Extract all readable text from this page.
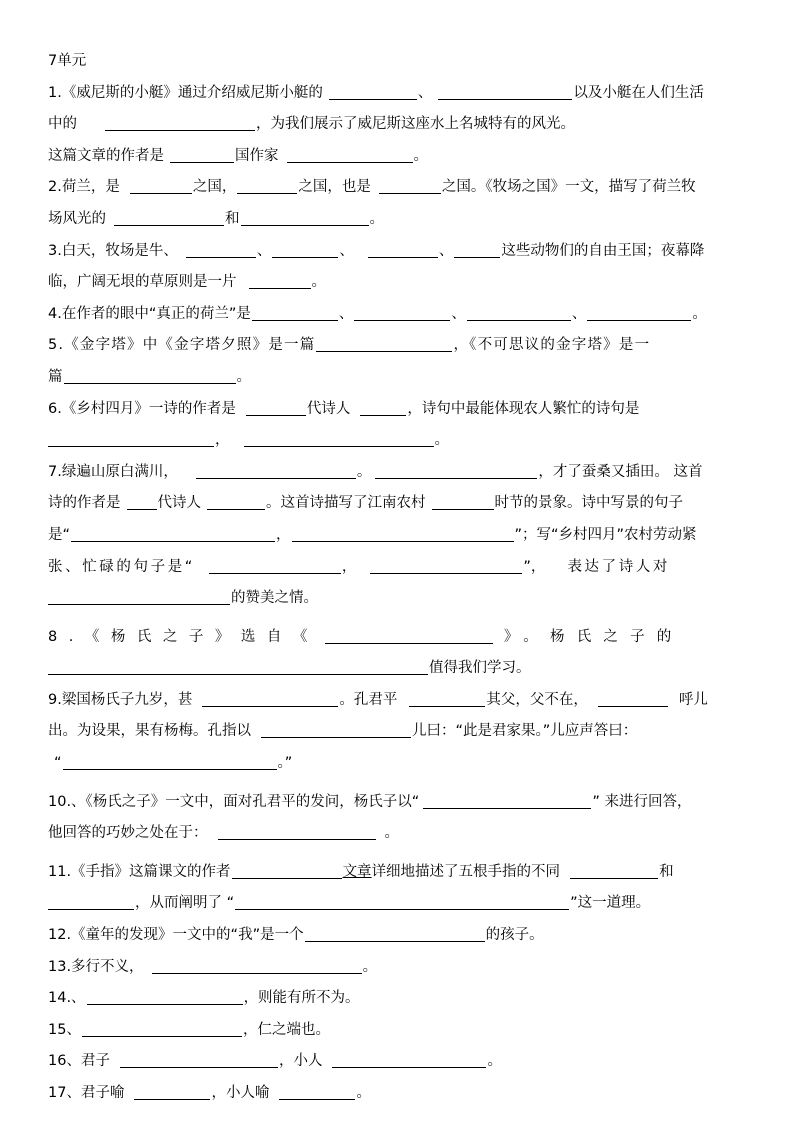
7单元
1.《威尼斯的小艇》通过介绍威尼斯小艇的	、	以及小艇在人们生活
中的	，为我们展示了威尼斯这座水上名城特有的风光。
这篇文章的作者是	国作家	。
2.荷兰，是	之国，	之国，也是	之国。《牧场之国》一文，描写了荷兰牧
场风光的	和	。
3.白天，牧场是牛、	、	、	、	这些动物们的自由王国；夜幕降
临，广阔无垠的草原则是一片	。
4.在作者的眼中“真正的荷兰”是	、	、	、	。
5.《金字塔》中《金字塔夕照》是一篇	，《不可思议的金字塔》是一
篇	。
6.《乡村四月》一诗的作者是	代诗人	，诗句中最能体现农人繁忙的诗句是
，	。
7.绿遍山原白满川，	。	，才了蚕桑又插田。 这首
诗的作者是	代诗人	。这首诗描写了江南农村	时节的景象。诗中写景的句子
是“	，	”；写“乡村四月”农村劳动紧
张、忙碌的句子是“	，	”， 表达了诗人对
的赞美之情。
8.《杨氏之子》选自《	》。杨氏之子的
值得我们学习。
9.梁国杨氏子九岁，甚	。孔君平	其父，父不在，	呼儿
出。为设果，果有杨梅。孔指以	儿曰：“此是君家果。”儿应声答曰：
“	。”
10.、《杨氏之子》一文中，面对孔君平的发问，杨氏子以“	” 来进行回答，
他回答的巧妙之处在于：	。
11.《手指》这篇课文的作者	文章详细地描述了五根手指的不同	和
，从而阐明了 “	”这一道理。
12.《童年的发现》一文中的“我”是一个	的孩子。
13.多行不义，	。
14.、	，则能有所不为。
15、	，仁之端也。
16、君子	，小人	。
17、君子喻	，小人喻	。
